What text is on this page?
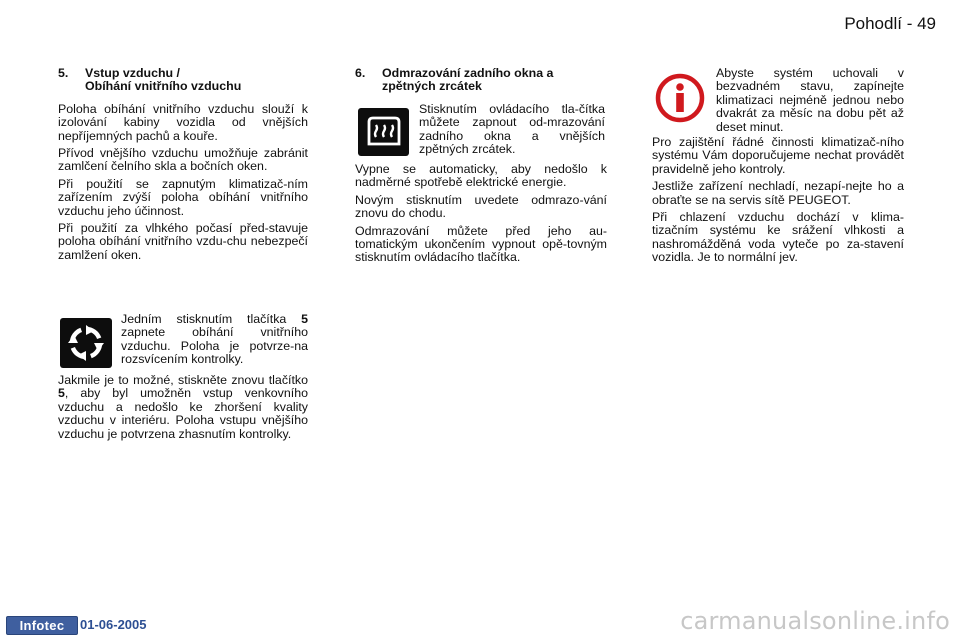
Pohodlí - 49
5. Vstup vzduchu /
Obíhání vnitřního vzduchu

Poloha obíhání vnitřního vzduchu slouží k izolování kabiny vozidla od vnějších nepříjemných pachů a kouře.

Přívod vnějšího vzduchu umožňuje zabránit zamlčení čelního skla a bočních oken.

Při použití se zapnutým klimatizač-ním zařízením zvýší poloha obíhání vnitřního vzduchu jeho účinnost.

Při použití za vlhkého počasí před-stavuje poloha obíhání vnitřního vzdu-chu nebezpečí zamlžení oken.

Jedním stisknutím tlačítka 5 zapnete obíhání vnitřního vzduchu. Poloha je potvrze-na rozsvícením kontrolky.

Jakmile je to možné, stiskněte znovu tlačítko 5, aby byl umožněn vstup venkovního vzduchu a nedošlo ke zhoršení kvality vzduchu v interiéru. Poloha vstupu vnějšího vzduchu je potvrzena zhasnutím kontrolky.

6. Odmrazování zadního okna a
zpětných zrcátek

Stisknutím ovládacího tla-čítka můžete zapnout od-mrazování zadního okna a vnějších zpětných zrcátek.

Vypne se automaticky, aby nedošlo k nadměrné spotřebě elektrické energie.

Novým stisknutím uvedete odmrazo-vání znovu do chodu.

Odmrazování můžete před jeho au-tomatickým ukončením vypnout opě-tovným stisknutím ovládacího tlačítka.

Abyste systém uchovali v bezvadném stavu, zapínejte klimatizaci nejméně jednou nebo dvakrát za měsíc na dobu pět až deset minut.

Pro zajištění řádné činnosti klimatizač-ního systému Vám doporučujeme nechat provádět pravidelně jeho kontroly.

Jestliže zařízení nechladí, nezapí-nejte ho a obraťte se na servis sítě PEUGEOT.

Při chlazení vzduchu dochází v klima-tizačním systému ke srážení vlhkosti a nashromážděná voda vyteče po za-stavení vozidla. Je to normální jev.

Infotec	01-06-2005	carmanualsonline.info
